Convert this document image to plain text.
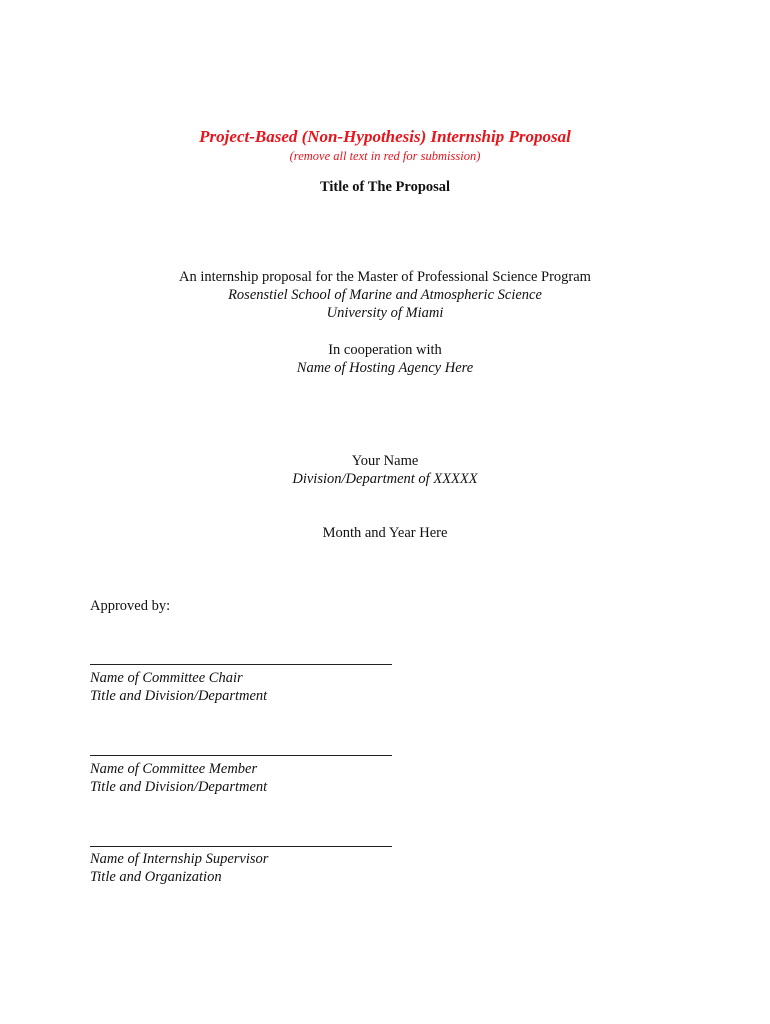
Project-Based (Non-Hypothesis) Internship Proposal
(remove all text in red for submission)
Title of The Proposal
An internship proposal for the Master of Professional Science Program
Rosenstiel School of Marine and Atmospheric Science
University of Miami
In cooperation with
Name of Hosting Agency Here
Your Name
Division/Department of XXXXX
Month and Year Here
Approved by:
Name of Committee Chair
Title and Division/Department
Name of Committee Member
Title and Division/Department
Name of Internship Supervisor
Title and Organization
